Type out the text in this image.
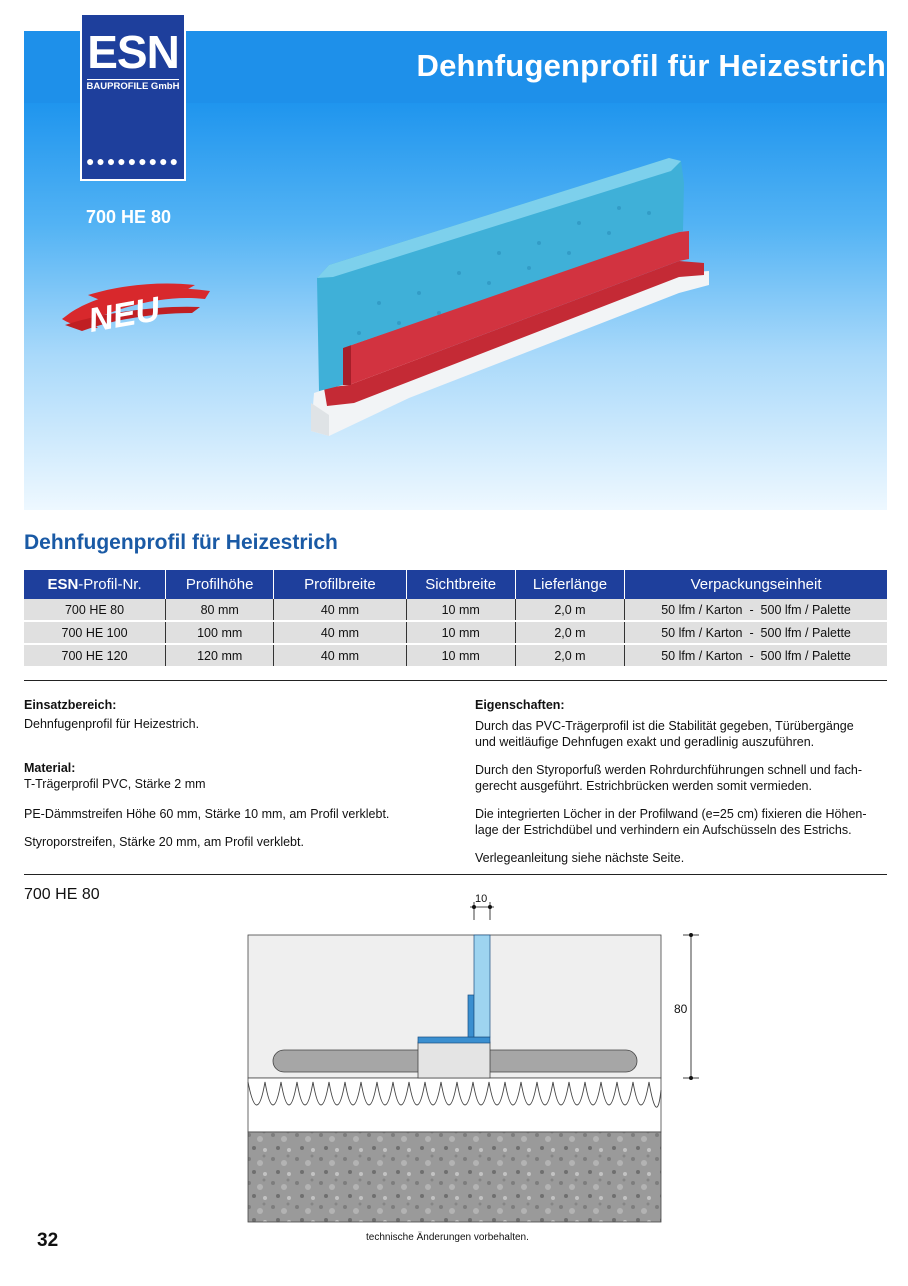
Dehnfugenprofil für Heizestrich
700 HE 80
NEU
ESN
BAUPROFILE GmbH
●●●●●●●●●
Dehnfugenprofil für Heizestrich
ESN-Profil-Nr.	Profilhöhe	Profilbreite	Sichtbreite	Lieferlänge	Verpackungseinheit
700 HE 80	80 mm	40 mm	10 mm	2,0 m	50 lfm / Karton  -  500 lfm / Palette
700 HE 100	100 mm	40 mm	10 mm	2,0 m	50 lfm / Karton  -  500 lfm / Palette
700 HE 120	120 mm	40 mm	10 mm	2,0 m	50 lfm / Karton  -  500 lfm / Palette
Einsatzbereich:
Dehnfugenprofil für Heizestrich.
Material:
T-Trägerprofil PVC, Stärke 2 mm
PE-Dämmstreifen Höhe 60 mm, Stärke 10 mm, am Profil verklebt.
Styroporstreifen, Stärke 20 mm, am Profil verklebt.
Eigenschaften:
Durch das PVC-Trägerprofil ist die Stabilität gegeben, Türübergänge
und weitläufige Dehnfugen exakt und geradlinig auszuführen.
Durch den Styroporfuß werden Rohrdurchführungen schnell und fach-
gerecht ausgeführt. Estrichbrücken werden somit vermieden.
Die integrierten Löcher in der Profilwand (e=25 cm) fixieren die Höhen-
lage der Estrichdübel und verhindern ein Aufschüsseln des Estrichs.
Verlegeanleitung siehe nächste Seite.
700 HE 80	10
80
32	technische Änderungen vorbehalten.
